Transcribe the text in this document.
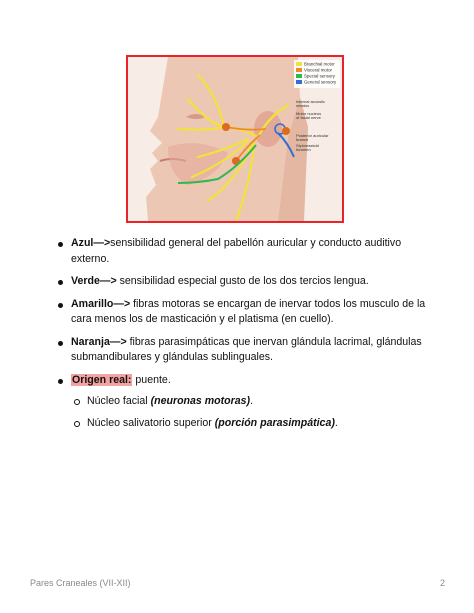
Branchial motor
Visceral motor
Special sensory
General sensory
Internal acoustic
meatus
Motor nucleus
of facial nerve
Posterior auricular
branch
Stylomastoid
foramen
Azul—>sensibilidad general del pabellón auricular y conducto auditivo externo.
Verde—> sensibilidad especial gusto de los dos tercios lengua.
Amarillo—> fibras motoras se encargan de inervar todos los musculo de la cara menos los de masticación y el platisma (en cuello).
Naranja—> fibras parasimpáticas que inervan glándula lacrimal, glándulas submandibulares y glándulas sublinguales.
Origen real: puente.
Núcleo facial (neuronas motoras).
Núcleo salivatorio superior (porción parasimpática).
Pares Craneales (VII-XII)	2
